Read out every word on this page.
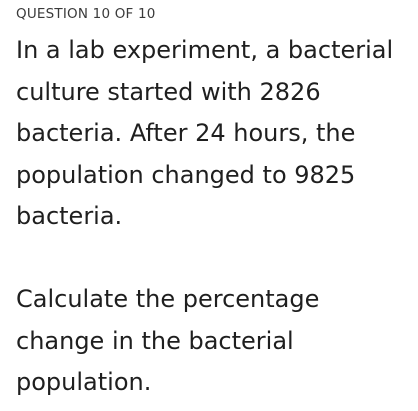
QUESTION 10 OF 10

In a lab experiment, a bacterial culture started with 2826 bacteria. After 24 hours, the population changed to 9825 bacteria.

Calculate the percentage change in the bacterial population.
